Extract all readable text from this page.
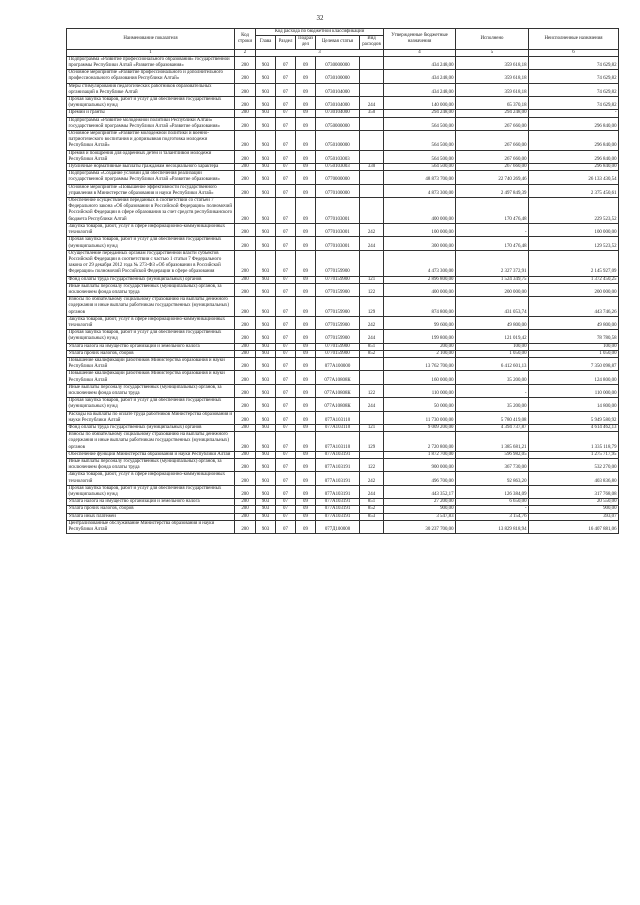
32
Наименование показателя	Код строки	Код расхода по бюджетной классификации					Утвержденные бюджетные назначения	Исполнено	Неисполненные назначения
		Глава	Раздел	Подраз дел	Целевая статья	Вид расходов			
1	2	3					4	5	6
Подпрограмма «Развитие профессионального образования» государственной программы Республики Алтай «Развитие образования»	200	903	07	09	0730000000		434 248,00	359 618,18	74 629,82
Основное мероприятие «Развитие профессионального и дополнительного профессионального образования Республики Алтай»	200	903	07	09	0730100000		434 248,00	359 618,18	74 629,82
Меры стимулирования педагогических работников образовательных организаций в Республике Алтай	200	903	07	09	0730104000		434 248,00	359 618,18	74 629,82
Прочая закупка товаров, работ и услуг для обеспечения государственных (муниципальных) нужд	200	903	07	09	0730104000	244	140 000,00	65 370,18	74 629,82
Премии и гранты	200	903	07	09	0730104000	350	294 248,00	294 248,00	-
Подпрограмма «Развитие молодежной политики Республики Алтай» государственной программы Республики Алтай «Развитие образования»	200	903	07	09	0750000000		564 500,00	267 660,00	296 840,00
Основное мероприятие «Развитие молодежной политики и военно-патриотического воспитания и допризывная подготовка молодежи Республики Алтай»	200	903	07	09	0750100000		564 500,00	267 660,00	296 840,00
Премия и поощрения для одаренных детей и талантливой молодежи Республики Алтай	200	903	07	09	0750103003		564 500,00	267 660,00	296 840,00
Публичные нормативные выплаты гражданам несоциального характера	200	903	07	09	0750103003	330	564 500,00	267 660,00	296 840,00
Подпрограмма «Создание условий для обеспечения реализации государственной программы Республики Алтай «Развитие образования»	200	903	07	09	0770000000		48 873 700,00	22 740 269,46	26 133 430,54
Основное мероприятие «Повышение эффективности государственного управления в Министерстве образования и науки Республики Алтай»	200	903	07	09	0770100000		4 873 300,00	2 497 849,39	2 375 450,61
Обеспечение осуществления переданных в соответствии со статьей 7 Федерального закона «Об образовании в Российской Федерации» полномочий Российской Федерации в сфере образования за счет средств республиканского бюджета Республики Алтай	200	903	07	09	0770103001		400 000,00	170 476,48	229 523,52
Закупка товаров, работ, услуг в сфере информационно-коммуникационных технологий	200	903	07	09	0770103001	242	100 000,00	-	100 000,00
Прочая закупка товаров, работ и услуг для обеспечения государственных (муниципальных) нужд	200	903	07	09	0770103001	244	300 000,00	170 476,48	129 523,52
Осуществление переданных органам государственной власти субъектов Российской Федерации в соответствии с частью 1 статьи 7 Федерального закона от 29 декабря 2012 года № 273-ФЗ «Об образовании в Российской Федерации» полномочий Российской Федерации в сфере образования	200	903	07	09	0770159900		4 473 300,00	2 327 372,91	2 145 927,09
Фонд оплаты труда государственных (муниципальных) органов	200	903	07	09	0770159900	121	2 896 800,00	1 524 349,75	1 372 450,25
Иные выплаты персоналу государственных (муниципальных) органов, за исключением фонда оплаты труда	200	903	07	09	0770159900	122	400 000,00	200 000,00	200 000,00
Взносы по обязательному социальному страхованию на выплаты денежного содержания и иные выплаты работникам государственных (муниципальных) органов	200	903	07	09	0770159900	129	874 800,00	431 053,74	443 746,26
Закупка товаров, работ, услуг в сфере информационно-коммуникационных технологий	200	903	07	09	0770159900	242	99 600,00	49 800,00	49 800,00
Прочая закупка товаров, работ и услуг для обеспечения государственных (муниципальных) нужд	200	903	07	09	0770159900	244	199 800,00	121 019,42	78 780,58
Уплата налога на имущество организаций и земельного налога	200	903	07	09	0770159900	851	200,00	100,00	100,00
Уплата прочих налогов, сборов	200	903	07	09	0770159900	852	2 100,00	1 050,00	1 050,00
Повышение квалификации работников Министерства образования и науки Республики Алтай	200	903	07	09	077А100000		13 762 700,00	6 412 601,13	7 350 098,87
Повышение квалификации работников Министерства образования и науки Республики Алтай	200	903	07	09	077А10808К		160 000,00	35 200,00	124 800,00
Иные выплаты персоналу государственных (муниципальных) органов, за исключением фонда оплаты труда	200	903	07	09	077А10808К	122	110 000,00	-	110 000,00
Прочая закупка товаров, работ и услуг для обеспечения государственных (муниципальных) нужд	200	903	07	09	077А10808К	244	50 000,00	35 200,00	14 800,00
Расходы на выплаты по оплате труда работников Министерства образования и науки Республики Алтай	200	903	07	09	077А103110		11 730 000,00	5 780 419,08	5 949 580,92
Фонд оплаты труда государственных (муниципальных) органов	200	903	07	09	077А103110	121	9 009 200,00	4 394 737,87	4 614 462,13
Взносы по обязательному социальному страхованию на выплаты денежного содержания и иные выплаты работникам государственных (муниципальных) органов	200	903	07	09	077А103110	129	2 720 800,00	1 385 681,21	1 335 118,79
Обеспечение функций Министерства образования и науки Республики Алтай	200	903	07	09	077А103191		1 872 700,00	596 982,05	1 275 717,95
Иные выплаты персоналу государственных (муниципальных) органов, за исключением фонда оплаты труда	200	903	07	09	077А103191	122	900 000,00	367 730,00	532 270,00
Закупка товаров, работ, услуг в сфере информационно-коммуникационных технологий	200	903	07	09	077А103191	242	496 700,00	92 863,20	403 836,80
Прочая закупка товаров, работ и услуг для обеспечения государственных (муниципальных) нужд	200	903	07	09	077А103191	244	443 352,17	126 384,09	317 768,08
Уплата налога на имущество организаций и земельного налога	200	903	07	09	077А103191	851	27 200,00	6 650,00	20 550,00
Уплата прочих налогов, сборов	200	903	07	09	077А103191	852	900,00	-	900,00
Уплата иных платежей	200	903	07	09	077А103191	853	3 547,83	3 154,76	393,07
Централизованные обслуживание Министерства образования и науки Республики Алтай	200	903	07	09	077Д100000		30 237 700,00	13 829 818,94	16 407 881,06
